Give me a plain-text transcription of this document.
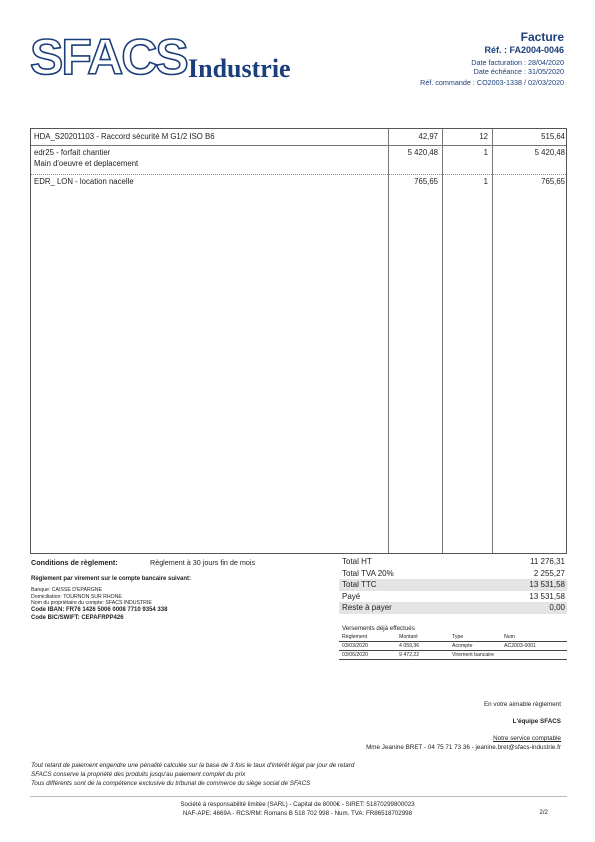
SFACS Industrie
Facture
Réf. : FA2004-0046
Date facturation : 28/04/2020
Date échéance : 31/05/2020
Réf. commande : CO2003-1338 / 02/03/2020
HDA_S20201103 - Raccord sécurité M G1/2 ISO B6	42,97	12	515,64
edr25 - forfait chantier
Main d'oeuvre et deplacement
5 420,48	1	5 420,48
EDR_ LON - location nacelle	765,65	1	765,65
Conditions de règlement:	Règlement à 30 jours fin de mois
Règlement par virement sur le compte bancaire suivant:
Banque: CAISSE D'EPARGNE
Domiciliation: TOURNON SUR RHONE
Nom du propriétaire du compte: SFACS INDUSTRIE
Code IBAN: FR76 1426 5006 0008 7710 9354 338
Code BIC/SWIFT: CEPAFRPP426
Total HT	11 276,31
Total TVA 20%	2 255,27
Total TTC	13 531,58
Payé	13 531,58
Reste à payer	0,00
Versements déjà effectués
Règlement	Montant	Type	Num
03/03/2020	4 059,36	Acompte	AC2003-0001
03/06/2020	9 472,22	Virement bancaire	
En votre aimable règlement
L'équipe SFACS
Notre service comptable
Mme Jeanine BRET - 04 75 71 73 36 - jeanine.bret@sfacs-industrie.fr
Tout retard de paiement engendre une pénalité calculée sur la base de 3 fois le taux d'intérêt légal par jour de retard
SFACS conserve la propriété des produits jusqu'au paiement complet du prix
Tous différents sont de la compétence exclusive du tribunal de commerce du siège social de SFACS
Société à responsabilité limitée (SARL) - Capital de 8000€ - SIRET: 51870299800023
NAF-APE: 4669A - RCS/RM: Romans B 518 702 998 - Num. TVA: FR86518702998	2/2
